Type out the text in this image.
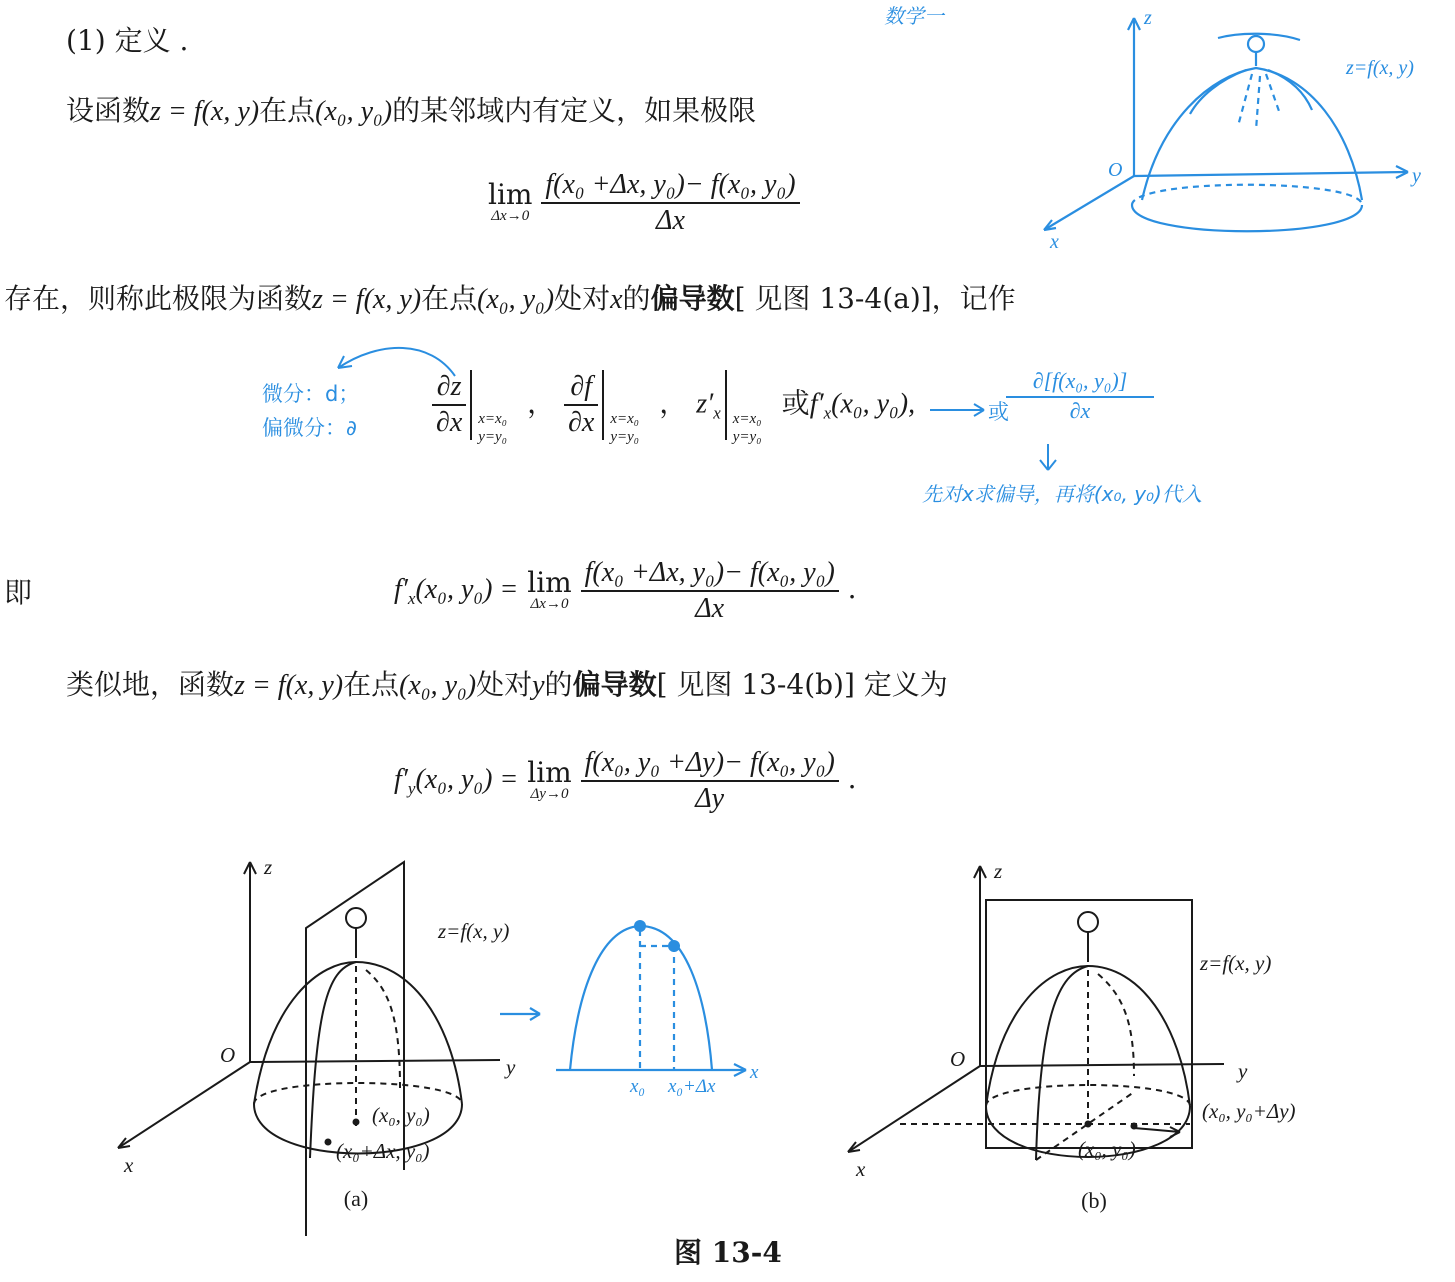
(1) 定义 .
数学一
设函数z = f(x, y)在点(x₀, y₀)的某邻域内有定义，如果极限
lim
Δx→0
$\frac{\text{f(x₀ +Δx, y₀)− f(x₀, y₀)}}{\Delta x}$
存在，则称此极限为函数z = f(x, y)在点(x₀, y₀)处对x的偏导数[ 见图 13-4(a)]，记作
$\frac{\partial z}{\partial x} x=x_0$
y=y₀
， $\frac{\partial f}{\partial x} x=x_0$
y=y₀
， $z'_x$ x=x₀
y=y₀
或$f'_x(x_0$, y₀),
微分：d；
偏微分：∂
或
∂[f(x₀, y₀)]
∂x
先对x求偏导，再将(x₀, y₀)代入
即	$f'_x(x_0$, y₀) = lim
Δx→0
$\frac{\text{f(x₀ +Δx, y₀)− f(x₀, y₀)}}{\Delta x}$ .
类似地，函数z = f(x, y)在点(x₀, y₀)处对y的偏导数[ 见图 13-4(b)] 定义为
$f'_y(x_0$, y₀) = lim
Δy→0
$\frac{\text{f(x₀, y₀ +Δy)− f(x₀, y₀)}}{\Delta y}$ .
z
y
x
O
z=f(x, y)
z
y
x
O
z=f(x, y)
(x₀, y₀)
(x₀+Δx, y₀)
(a)
x
x₀ x₀+Δx
z
y
x
O
z=f(x, y)
(x₀, y₀)
(x₀, y₀+Δy)
(b)
图 13-4
